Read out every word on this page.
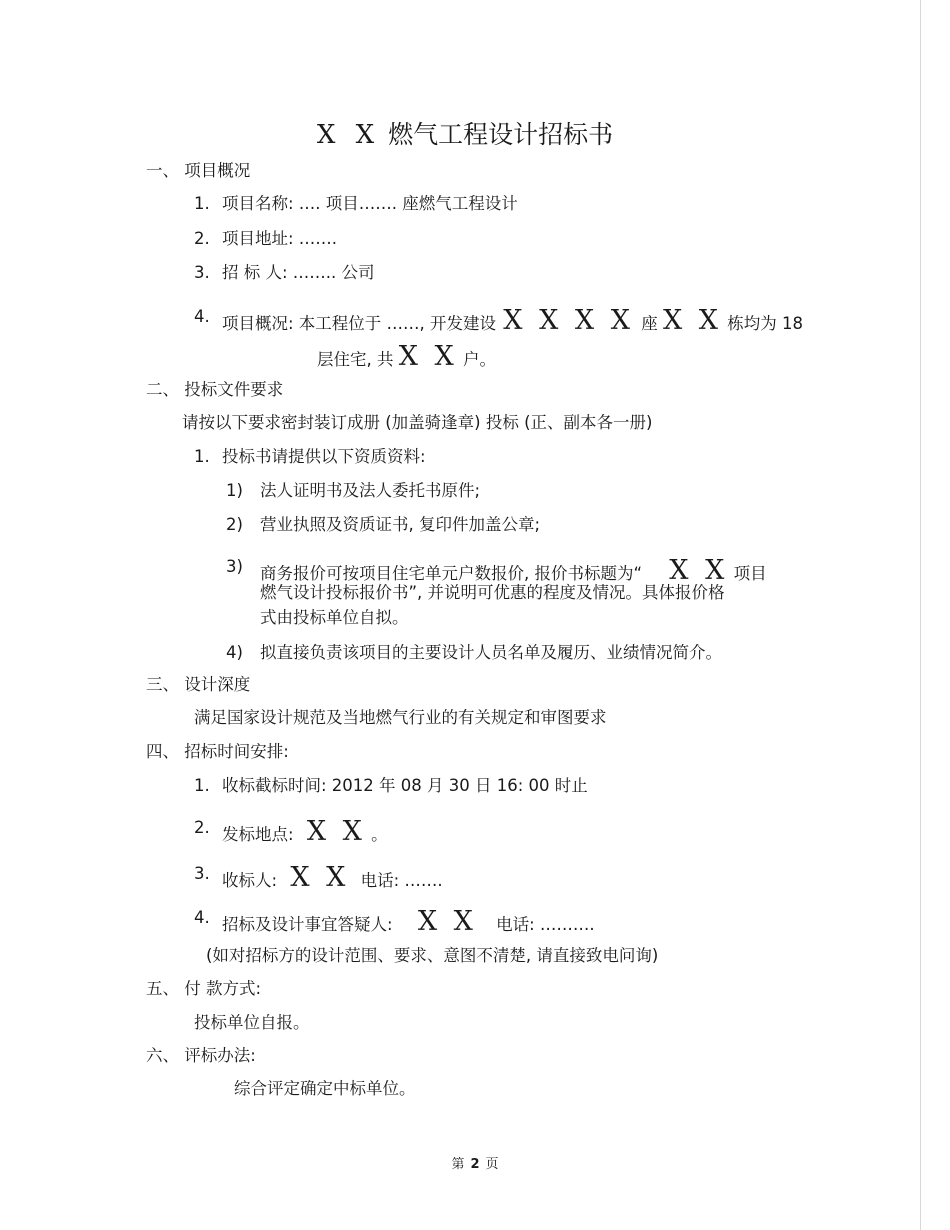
X X 燃气工程设计招标书
一、 项目概况
1. 项目名称: …. 项目……. 座燃气工程设计
2. 项目地址: …….
3. 招 标 人: …….. 公司
4. 项目概况: 本工程位于 ……, 开发建设 X X X X 座 X X 栋均为 18
层住宅, 共 X X 户。
二、 投标文件要求
请按以下要求密封装订成册 (加盖骑逢章) 投标 (正、副本各一册)
1. 投标书请提供以下资质资料:
1) 法人证明书及法人委托书原件;
2) 营业执照及资质证书, 复印件加盖公章;
3) 商务报价可按项目住宅单元户数报价, 报价书标题为“ X X 项目
燃气设计投标报价书”, 并说明可优惠的程度及情况。具体报价格
式由投标单位自拟。
4) 拟直接负责该项目的主要设计人员名单及履历、业绩情况简介。
三、 设计深度
满足国家设计规范及当地燃气行业的有关规定和审图要求
四、 招标时间安排:
1. 收标截标时间: 2012 年 08 月 30 日 16: 00 时止
2. 发标地点: X X 。
3. 收标人: X X 电话: …….
4. 招标及设计事宜答疑人: X X 电话: ……….
(如对招标方的设计范围、要求、意图不清楚, 请直接致电问询)
五、 付 款方式:
投标单位自报。
六、 评标办法:
综合评定确定中标单位。
第 2 页
